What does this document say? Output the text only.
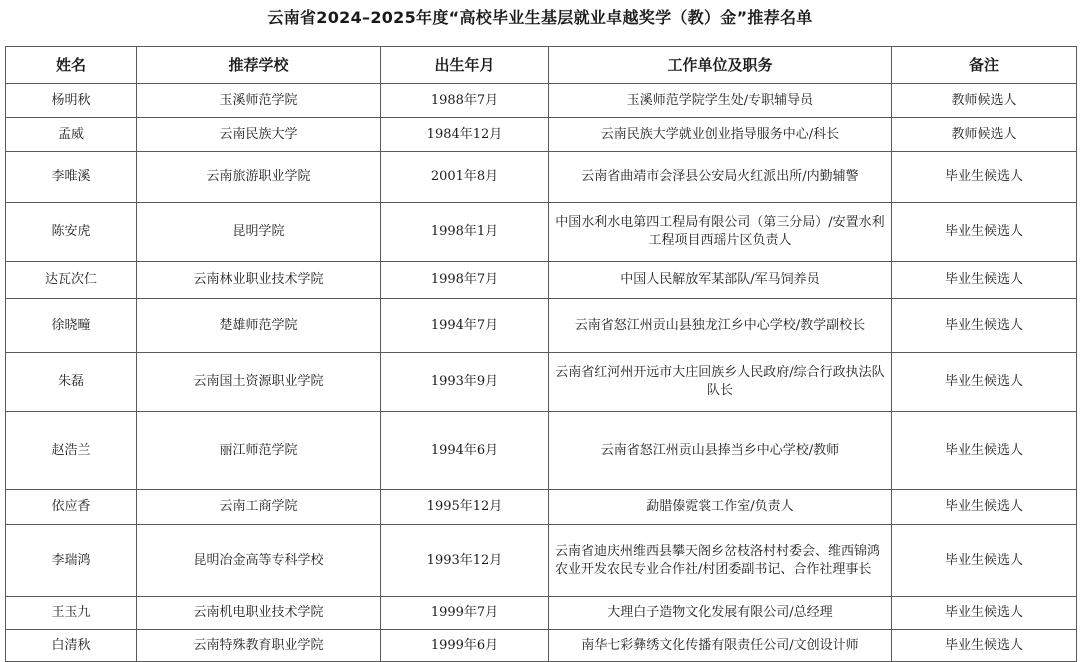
云南省2024–2025年度“高校毕业生基层就业卓越奖学（教）金”推荐名单
姓名	推荐学校	出生年月	工作单位及职务	备注
杨明秋	玉溪师范学院	1988年7月	玉溪师范学院学生处/专职辅导员	教师候选人
孟威	云南民族大学	1984年12月	云南民族大学就业创业指导服务中心/科长	教师候选人
李唯溪	云南旅游职业学院	2001年8月	云南省曲靖市会泽县公安局火红派出所/内勤辅警	毕业生候选人
陈安虎	昆明学院	1998年1月	中国水利水电第四工程局有限公司（第三分局）/安置水利工程项目西瑶片区负责人	毕业生候选人
达瓦次仁	云南林业职业技术学院	1998年7月	中国人民解放军某部队/军马饲养员	毕业生候选人
徐晓疃	楚雄师范学院	1994年7月	云南省怒江州贡山县独龙江乡中心学校/教学副校长	毕业生候选人
朱磊	云南国土资源职业学院	1993年9月	云南省红河州开远市大庄回族乡人民政府/综合行政执法队队长	毕业生候选人
赵浩兰	丽江师范学院	1994年6月	云南省怒江州贡山县捧当乡中心学校/教师	毕业生候选人
依应香	云南工商学院	1995年12月	勐腊傣霓裳工作室/负责人	毕业生候选人
李瑞鸿	昆明冶金高等专科学校	1993年12月	云南省迪庆州维西县攀天阁乡岔枝洛村村委会、维西锦鸿农业开发农民专业合作社/村团委副书记、合作社理事长	毕业生候选人
王玉九	云南机电职业技术学院	1999年7月	大理白子造物文化发展有限公司/总经理	毕业生候选人
白清秋	云南特殊教育职业学院	1999年6月	南华七彩彝绣文化传播有限责任公司/文创设计师	毕业生候选人
